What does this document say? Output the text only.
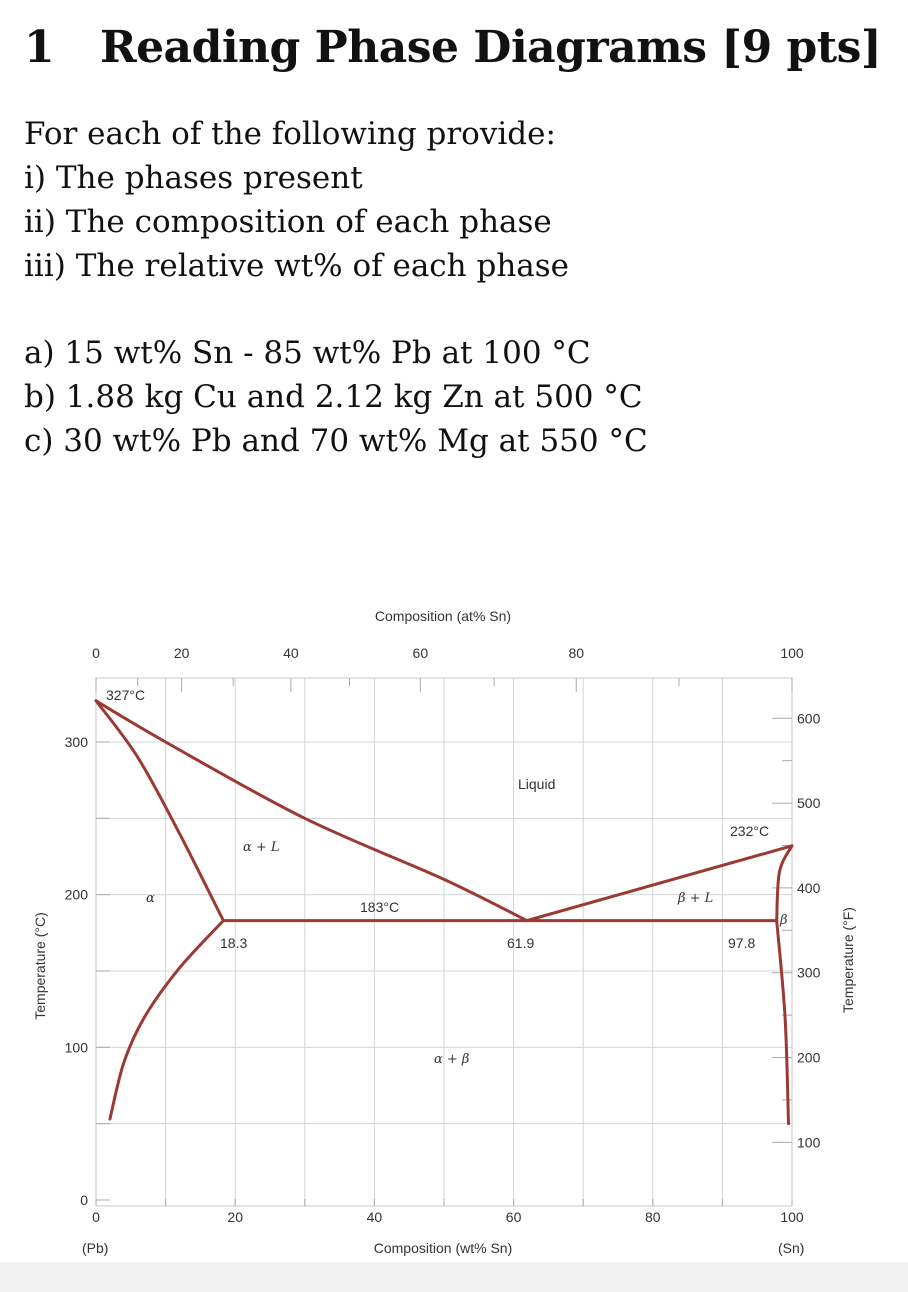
1 Reading Phase Diagrams [9 pts]
For each of the following provide:
i) The phases present
ii) The composition of each phase
iii) The relative wt% of each phase
a) 15 wt% Sn - 85 wt% Pb at 100 °C
b) 1.88 kg Cu and 2.12 kg Zn at 500 °C
c) 30 wt% Pb and 70 wt% Mg at 550 °C
Composition (at% Sn)
Composition (wt% Sn)
Temperature (°C)	Temperature (°F)
(Pb)	(Sn)
327°C
232°C
183°C
18.3	61.9	97.8
Liquid
α + L
α	β + L
β
α + β
0	20	40	60	80	100
0	20	40	60	80	100
0
100
200
300
100
200
300
400
500
600
